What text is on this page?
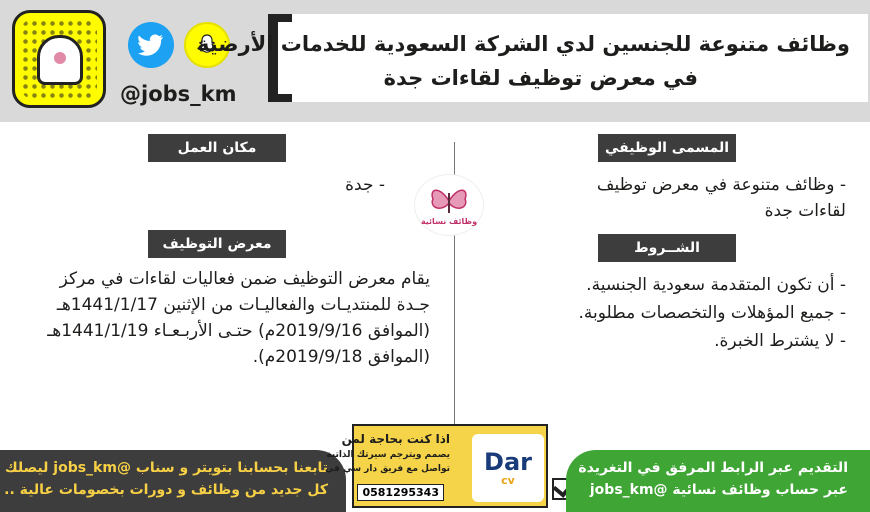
@jobs_km
وظائف متنوعة للجنسين لدي الشركة السعودية للخدمات الأرضية
في معرض توظيف لقاءات جدة
وظائف نسائية
المسمى الوظيفي
- وظائف متنوعة في معرض توظيف
لقاءات جدة
الشــروط
- أن تكون المتقدمة سعودية الجنسية.
- جميع المؤهلات والتخصصات مطلوبة.
- لا يشترط الخبرة.
مكان العمل
- جدة
معرض التوظيف
يقام معرض التوظيف ضمن فعاليات لقاءات في مركز
جـدة للمنتديـات والفعاليـات من الإثنين 1441/1/17هـ
(الموافق 2019/9/16م) حتـى الأربـعـاء 1441/1/19هـ
(الموافق 2019/9/18م).
تابعنا بحسابنا بتويتر و سناب @jobs_km ليصلك
كل جديد من وظائف و دورات بخصومات عالية ..
اذا كنت بحاجة لمن
يصمم ويترجم سيرتك الذاتية
تواصل مع فريق دار سي في
0581295343
Dar
cv
التقديم عبر الرابط المرفق في التغريدة
عبر حساب وظائف نسائية @jobs_km
